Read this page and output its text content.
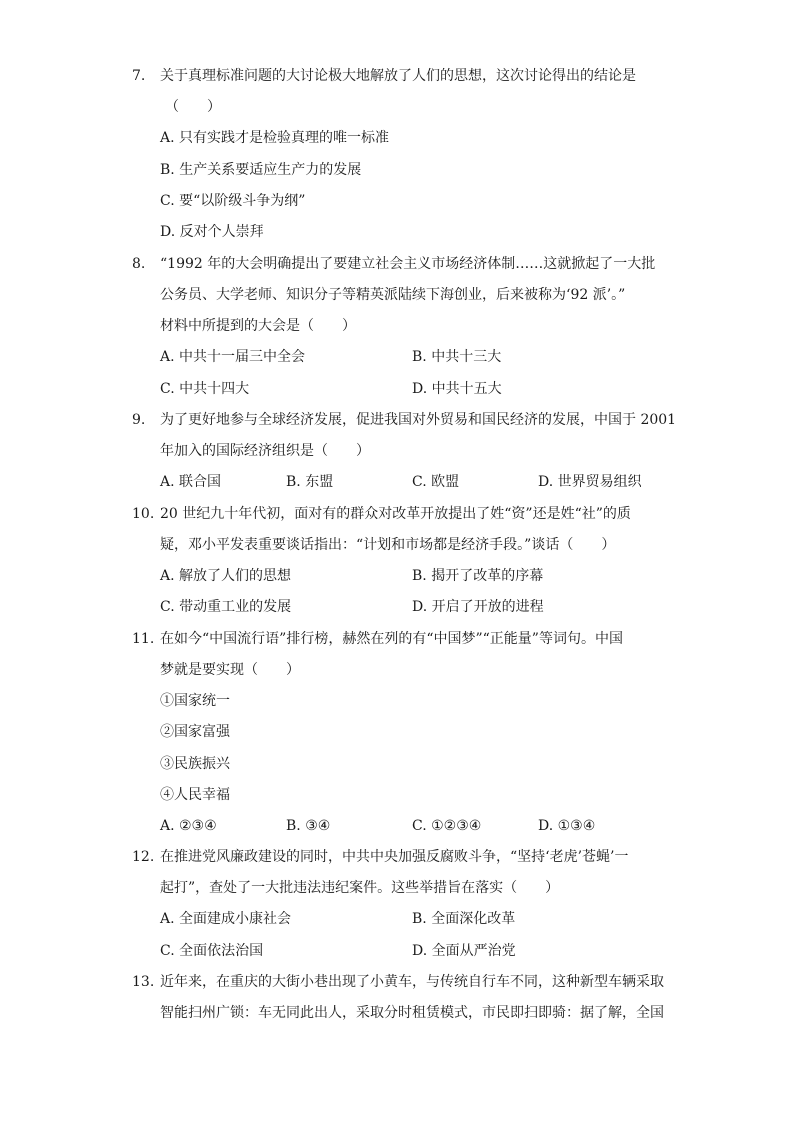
7. 关于真理标准问题的大讨论极大地解放了人们的思想，这次讨论得出的结论是
（　　）
A. 只有实践才是检验真理的唯一标准
B. 生产关系要适应生产力的发展
C. 要“以阶级斗争为纲”
D. 反对个人崇拜
8. “1992 年的大会明确提出了要建立社会主义市场经济体制……这就掀起了一大批
公务员、大学老师、知识分子等精英派陆续下海创业，后来被称为‘92 派’。”
材料中所提到的大会是（　　）
A. 中共十一届三中全会	B. 中共十三大
C. 中共十四大	D. 中共十五大
9. 为了更好地参与全球经济发展，促进我国对外贸易和国民经济的发展，中国于 2001
年加入的国际经济组织是（　　）
A. 联合国	B. 东盟	C. 欧盟	D. 世界贸易组织
10. 20 世纪九十年代初，面对有的群众对改革开放提出了姓“资”还是姓“社”的质
疑，邓小平发表重要谈话指出：“计划和市场都是经济手段。”谈话（　　）
A. 解放了人们的思想	B. 揭开了改革的序幕
C. 带动重工业的发展	D. 开启了开放的进程
11. 在如今“中国流行语”排行榜，赫然在列的有“中国梦”“正能量”等词句。中国
梦就是要实现（　　）
①国家统一
②国家富强
③民族振兴
④人民幸福
A. ②③④	B. ③④	C. ①②③④	D. ①③④
12. 在推进党风廉政建设的同时，中共中央加强反腐败斗争，“坚持‘老虎’苍蝇’一
起打”，查处了一大批违法违纪案件。这些举措旨在落实（　　）
A. 全面建成小康社会	B. 全面深化改革
C. 全面依法治国	D. 全面从严治党
13. 近年来，在重庆的大街小巷出现了小黄车，与传统自行车不同，这种新型车辆采取
智能扫州广锁：车无同此出人，采取分时租赁模式，市民即扫即骑：据了解，全国
